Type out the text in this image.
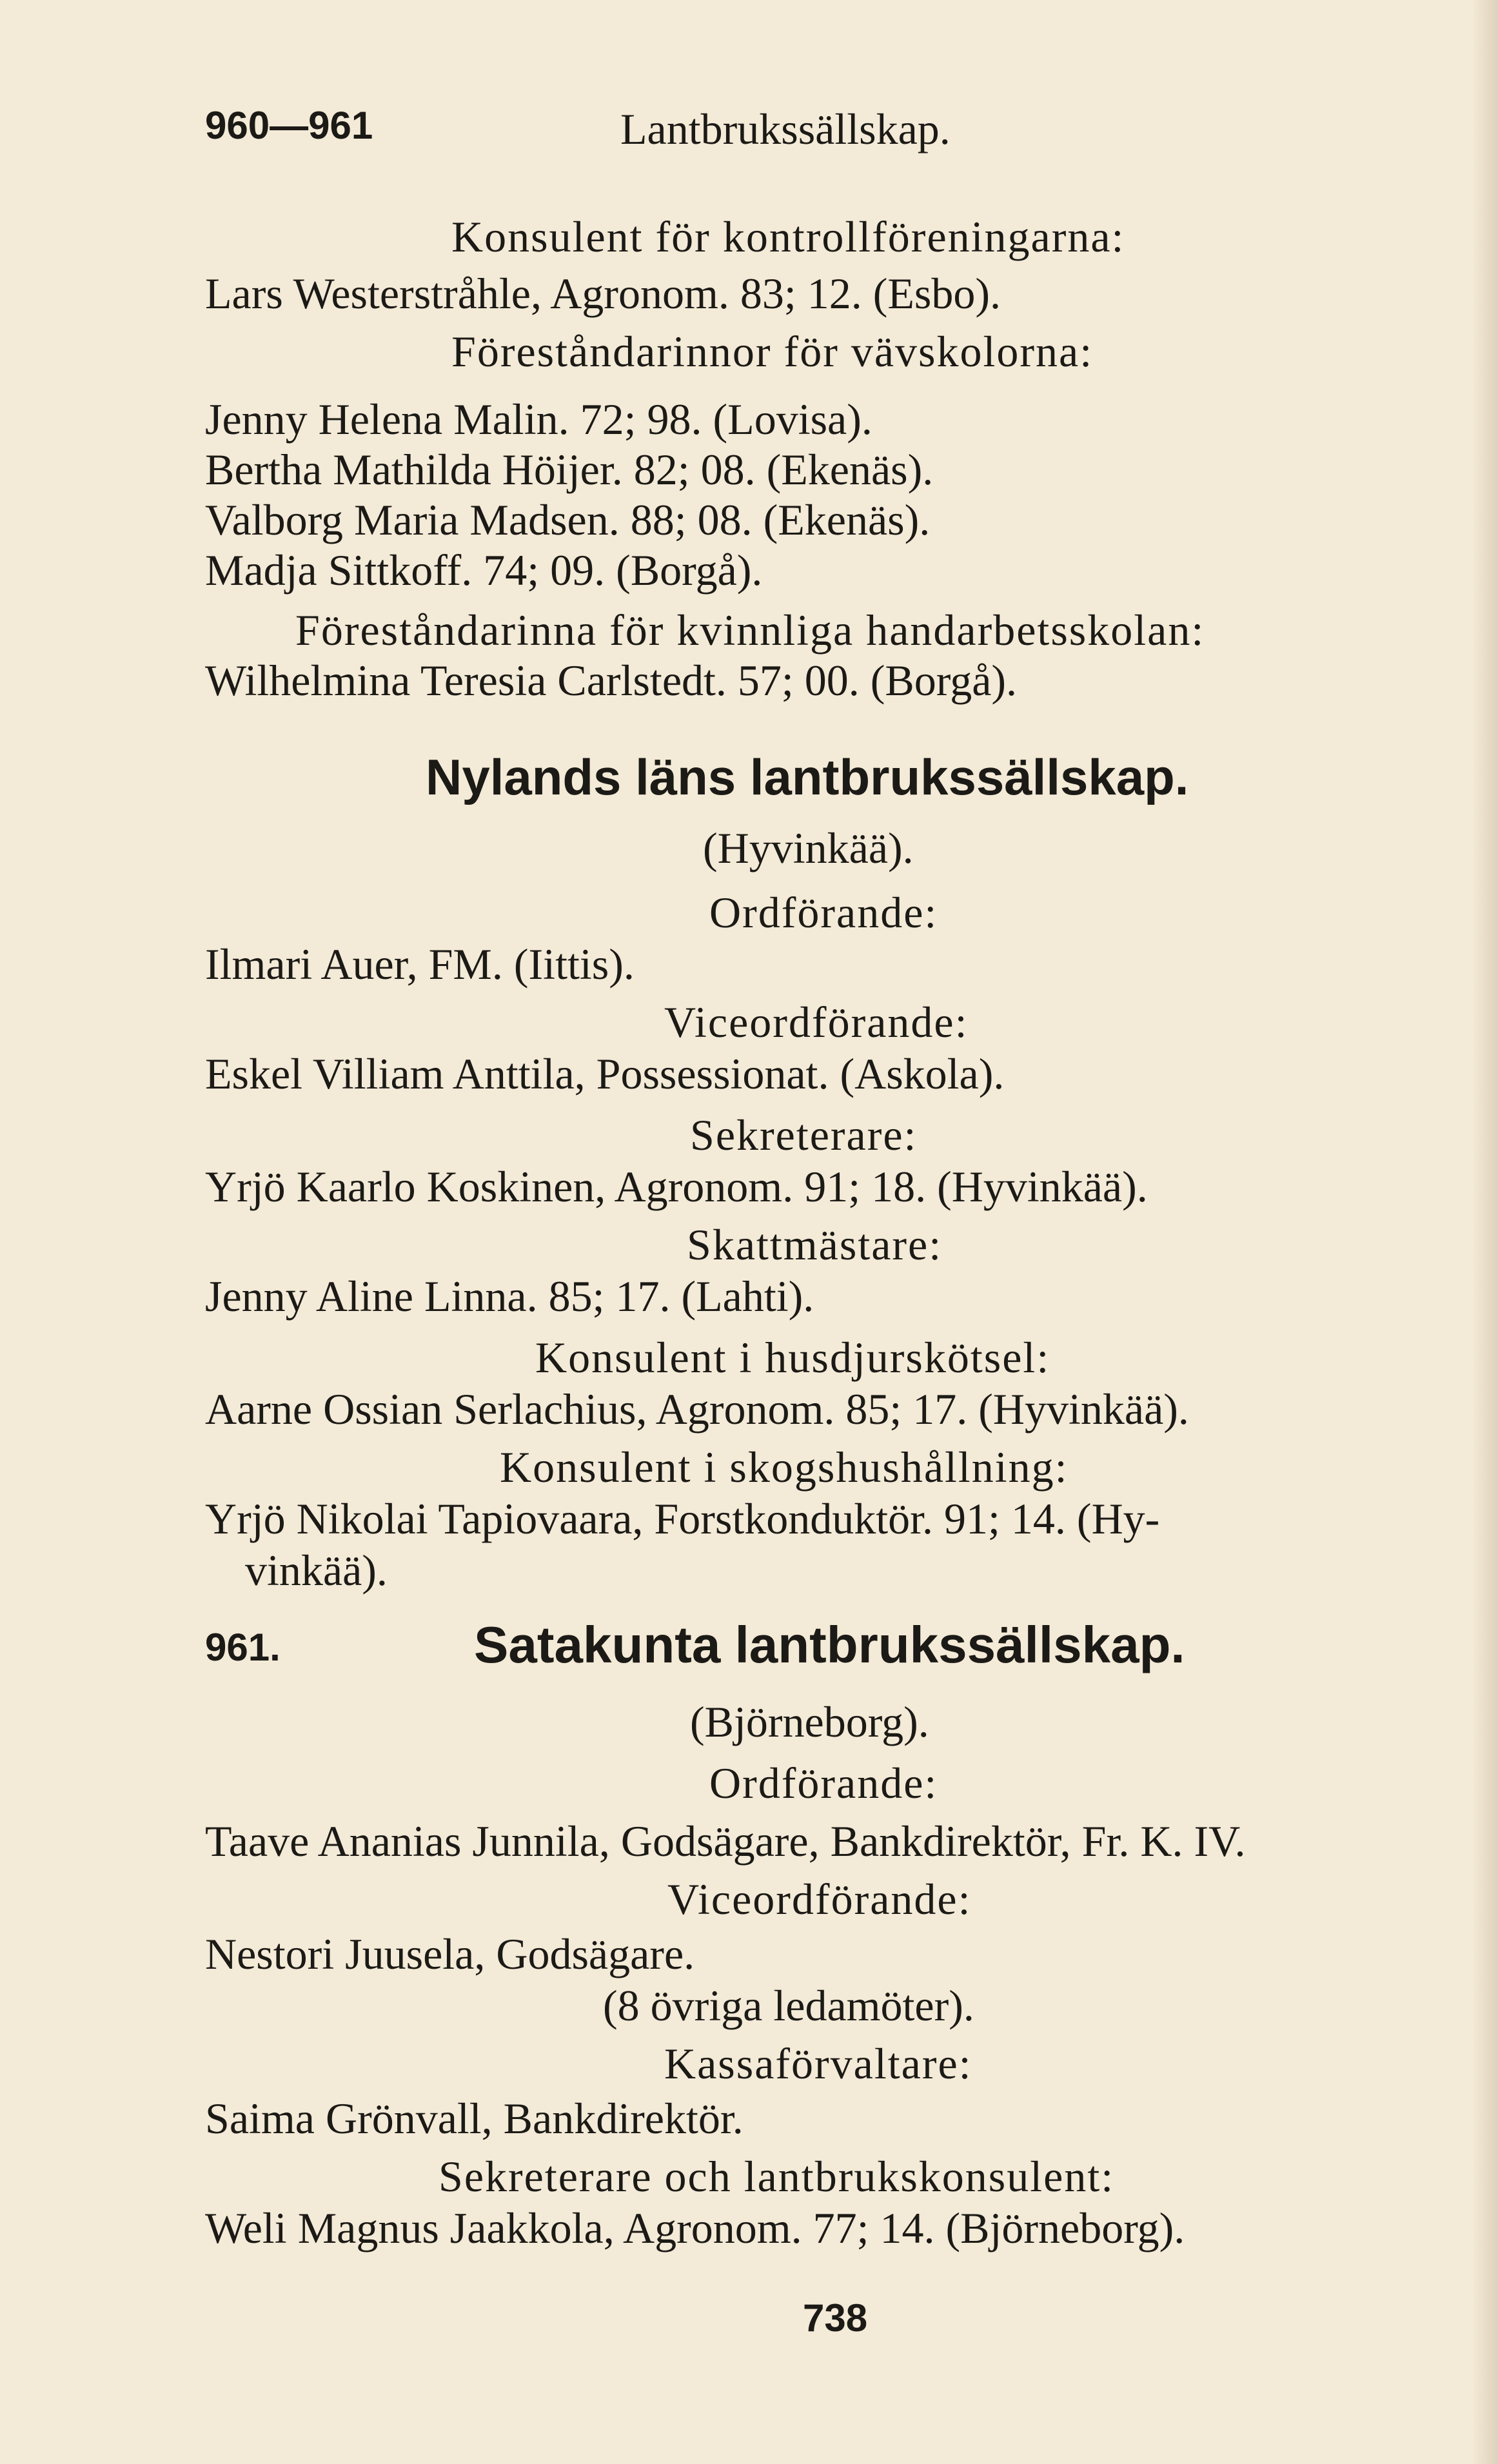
960—961	Lantbrukssällskap.
Konsulent för kontrollföreningarna:
Lars Westerstråhle, Agronom. 83; 12. (Esbo).
Föreståndarinnor för vävskolorna:
Jenny Helena Malin. 72; 98. (Lovisa).
Bertha Mathilda Höijer. 82; 08. (Ekenäs).
Valborg Maria Madsen. 88; 08. (Ekenäs).
Madja Sittkoff. 74; 09. (Borgå).
Föreståndarinna för kvinnliga handarbetsskolan:
Wilhelmina Teresia Carlstedt. 57; 00. (Borgå).
Nylands läns lantbrukssällskap.
(Hyvinkää).
Ordförande:
Ilmari Auer, FM. (Iittis).
Viceordförande:
Eskel Villiam Anttila, Possessionat. (Askola).
Sekreterare:
Yrjö Kaarlo Koskinen, Agronom. 91; 18. (Hyvinkää).
Skattmästare:
Jenny Aline Linna. 85; 17. (Lahti).
Konsulent i husdjurskötsel:
Aarne Ossian Serlachius, Agronom. 85; 17. (Hyvinkää).
Konsulent i skogshushållning:
Yrjö Nikolai Tapiovaara, Forstkonduktör. 91; 14. (Hy-
vinkää).
961.	Satakunta lantbrukssällskap.
(Björneborg).
Ordförande:
Taave Ananias Junnila, Godsägare, Bankdirektör, Fr. K. IV.
Viceordförande:
Nestori Juusela, Godsägare.
(8 övriga ledamöter).
Kassaförvaltare:
Saima Grönvall, Bankdirektör.
Sekreterare och lantbrukskonsulent:
Weli Magnus Jaakkola, Agronom. 77; 14. (Björneborg).
738
